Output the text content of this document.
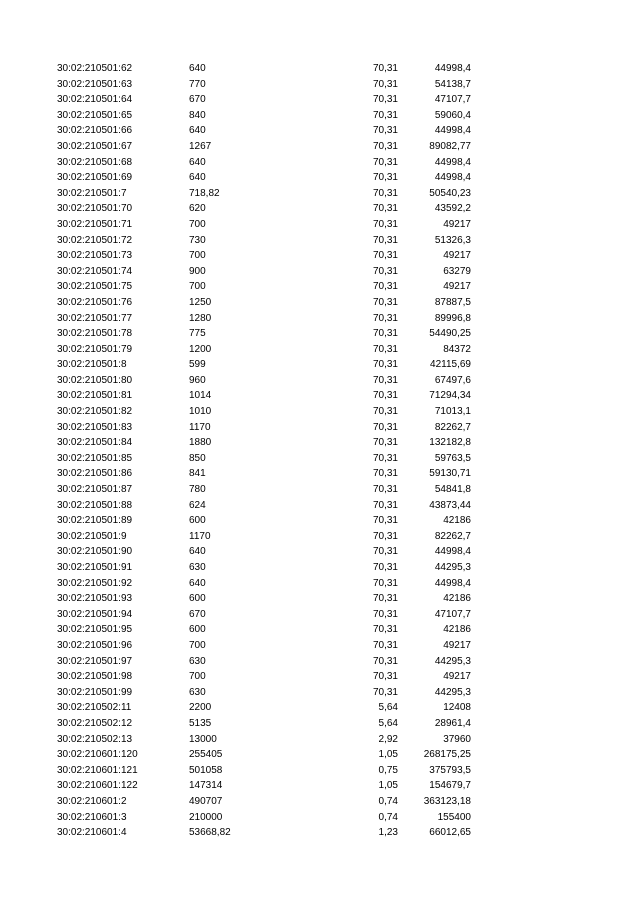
30:02:210501:62	640	70,31	44998,4
30:02:210501:63	770	70,31	54138,7
30:02:210501:64	670	70,31	47107,7
30:02:210501:65	840	70,31	59060,4
30:02:210501:66	640	70,31	44998,4
30:02:210501:67	1267	70,31	89082,77
30:02:210501:68	640	70,31	44998,4
30:02:210501:69	640	70,31	44998,4
30:02:210501:7	718,82	70,31	50540,23
30:02:210501:70	620	70,31	43592,2
30:02:210501:71	700	70,31	49217
30:02:210501:72	730	70,31	51326,3
30:02:210501:73	700	70,31	49217
30:02:210501:74	900	70,31	63279
30:02:210501:75	700	70,31	49217
30:02:210501:76	1250	70,31	87887,5
30:02:210501:77	1280	70,31	89996,8
30:02:210501:78	775	70,31	54490,25
30:02:210501:79	1200	70,31	84372
30:02:210501:8	599	70,31	42115,69
30:02:210501:80	960	70,31	67497,6
30:02:210501:81	1014	70,31	71294,34
30:02:210501:82	1010	70,31	71013,1
30:02:210501:83	1170	70,31	82262,7
30:02:210501:84	1880	70,31	132182,8
30:02:210501:85	850	70,31	59763,5
30:02:210501:86	841	70,31	59130,71
30:02:210501:87	780	70,31	54841,8
30:02:210501:88	624	70,31	43873,44
30:02:210501:89	600	70,31	42186
30:02:210501:9	1170	70,31	82262,7
30:02:210501:90	640	70,31	44998,4
30:02:210501:91	630	70,31	44295,3
30:02:210501:92	640	70,31	44998,4
30:02:210501:93	600	70,31	42186
30:02:210501:94	670	70,31	47107,7
30:02:210501:95	600	70,31	42186
30:02:210501:96	700	70,31	49217
30:02:210501:97	630	70,31	44295,3
30:02:210501:98	700	70,31	49217
30:02:210501:99	630	70,31	44295,3
30:02:210502:11	2200	5,64	12408
30:02:210502:12	5135	5,64	28961,4
30:02:210502:13	13000	2,92	37960
30:02:210601:120	255405	1,05	268175,25
30:02:210601:121	501058	0,75	375793,5
30:02:210601:122	147314	1,05	154679,7
30:02:210601:2	490707	0,74	363123,18
30:02:210601:3	210000	0,74	155400
30:02:210601:4	53668,82	1,23	66012,65
